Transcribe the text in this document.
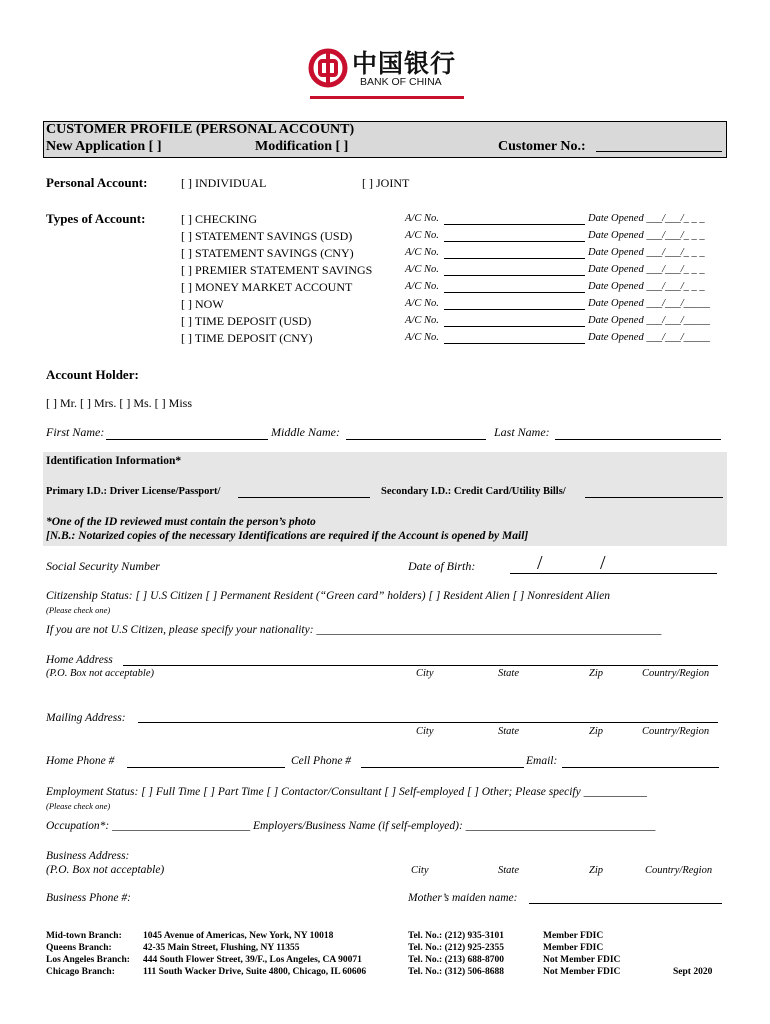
中国银行
BANK OF CHINA
CUSTOMER PROFILE (PERSONAL ACCOUNT)
New Application [ ]	Modification [ ]	Customer No.:
Personal Account:	[ ] INDIVIDUAL	[ ] JOINT
Types of Account:	[ ] CHECKING	A/C No.	Date Opened ___/___/_ _ _
[ ] STATEMENT SAVINGS (USD)	A/C No.	Date Opened ___/___/_ _ _
[ ] STATEMENT SAVINGS (CNY)	A/C No.	Date Opened ___/___/_ _ _
[ ] PREMIER STATEMENT SAVINGS	A/C No.	Date Opened ___/___/_ _ _
[ ] MONEY MARKET ACCOUNT	A/C No.	Date Opened ___/___/_ _ _
[ ] NOW	A/C No.	Date Opened ___/___/_____
[ ] TIME DEPOSIT (USD)	A/C No.	Date Opened ___/___/_____
[ ] TIME DEPOSIT (CNY)	A/C No.	Date Opened ___/___/_____
Account Holder:
[ ] Mr. [ ] Mrs. [ ] Ms. [ ] Miss
First Name:	Middle Name:	Last Name:
Identification Information*
Primary I.D.: Driver License/Passport/	Secondary I.D.: Credit Card/Utility Bills/
*One of the ID reviewed must contain the person’s photo
[N.B.: Notarized copies of the necessary Identifications are required if the Account is opened by Mail]
Social Security Number	Date of Birth:	/	/
Citizenship Status: [ ] U.S Citizen [ ] Permanent Resident (“Green card” holders) [ ] Resident Alien [ ] Nonresident Alien
(Please check one)
If you are not U.S Citizen, please specify your nationality: ____________________________________________________________
Home Address
(P.O. Box not acceptable)	City	State	Zip	Country/Region
Mailing Address:
City	State	Zip	Country/Region
Home Phone #	Cell Phone #	Email:
Employment Status: [ ] Full Time [ ] Part Time [ ] Contactor/Consultant [ ] Self-employed [ ] Other; Please specify ___________
(Please check one)
Occupation*: ________________________ Employers/Business Name (if self-employed): _________________________________
Business Address:
(P.O. Box not acceptable)	City	State	Zip	Country/Region
Business Phone #:	Mother’s maiden name:
Mid-town Branch: 1045 Avenue of Americas, New York, NY 10018	Tel. No.: (212) 935-3101	Member FDIC
Queens Branch:	42-35 Main Street, Flushing, NY 11355	Tel. No.: (212) 925-2355	Member FDIC
Los Angeles Branch: 444 South Flower Street, 39/F., Los Angeles, CA 90071	Tel. No.: (213) 688-8700	Not Member FDIC
Chicago Branch:	111 South Wacker Drive, Suite 4800, Chicago, IL 60606	Tel. No.: (312) 506-8688	Not Member FDIC	Sept 2020
